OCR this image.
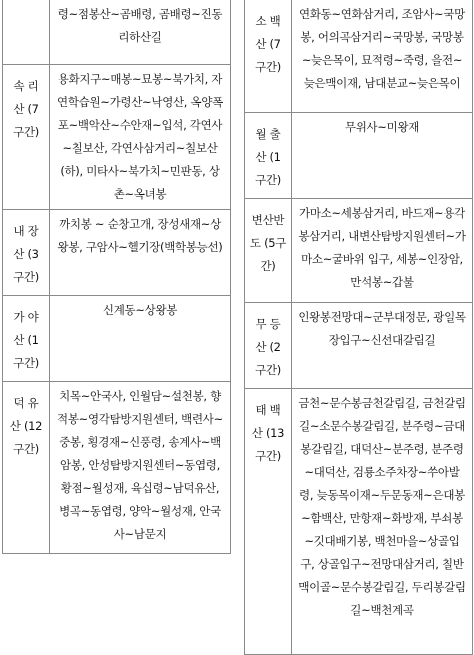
	령~점봉산~곰배령, 곰배령~진동리하산길
속 리 산 (7 구간)	용화지구~매봉~묘봉~북가치, 자연학습원~가령산~낙영산, 옥양폭포~백악산~수안재~입석, 각연사~칠보산, 각연사삼거리~칠보산(하), 미타사~북가치~민판동, 상촌~옥녀봉
내 장 산 (3 구간)	까치봉 ~ 순창고개, 장성새재~상왕봉, 구암사~헬기장(백학봉능선)
가 야 산 (1 구간)	신계동~상왕봉
덕 유 산 (12구간)	치목~안국사, 인월담~설천봉, 향적봉~영각탐방지원센터, 백련사~중봉, 횡경재~신풍령, 송계사~백암봉, 안성탐방지원센터~동엽령, 황점~월성재, 육십령~남덕유산, 병곡~동엽령, 양악~월성재, 안국사~남문지
소 백 산 (7 구간)	연화동~연화삼거리, 조암사~국망봉, 어의곡삼거리~국망봉, 국망봉~늦은목이, 묘적령~죽령, 을전~늦은맥이재, 남대분교~늦은목이
월 출 산 (1 구간)	무위사~미왕재
변산반도 (5구간)	가마소~세봉삼거리, 바드재~용각봉삼거리, 내변산탐방지원센터~가마소~굴바위 입구, 세봉~인장암, 만석봉~갑불
무 등 산 (2 구간)	인왕봉전망대~군부대정문, 광일목장입구~신선대갈림길
태 백 산 (13구간)	금천~문수봉금천갈림길, 금천갈림길~소문수봉갈림길, 분주령~금대봉갈림길, 대덕산~분주령, 분주령~대덕산, 검룡소주차장~쑤아발령, 늦동목이재~두문동재~은대봉~함백산, 만항재~화방재, 부쇠봉~깃대배기봉, 백천마을~상골입구, 상골입구~전망대삼거리, 칠반맥이골~문수봉갈림길, 두리봉갈림길~백천계곡
